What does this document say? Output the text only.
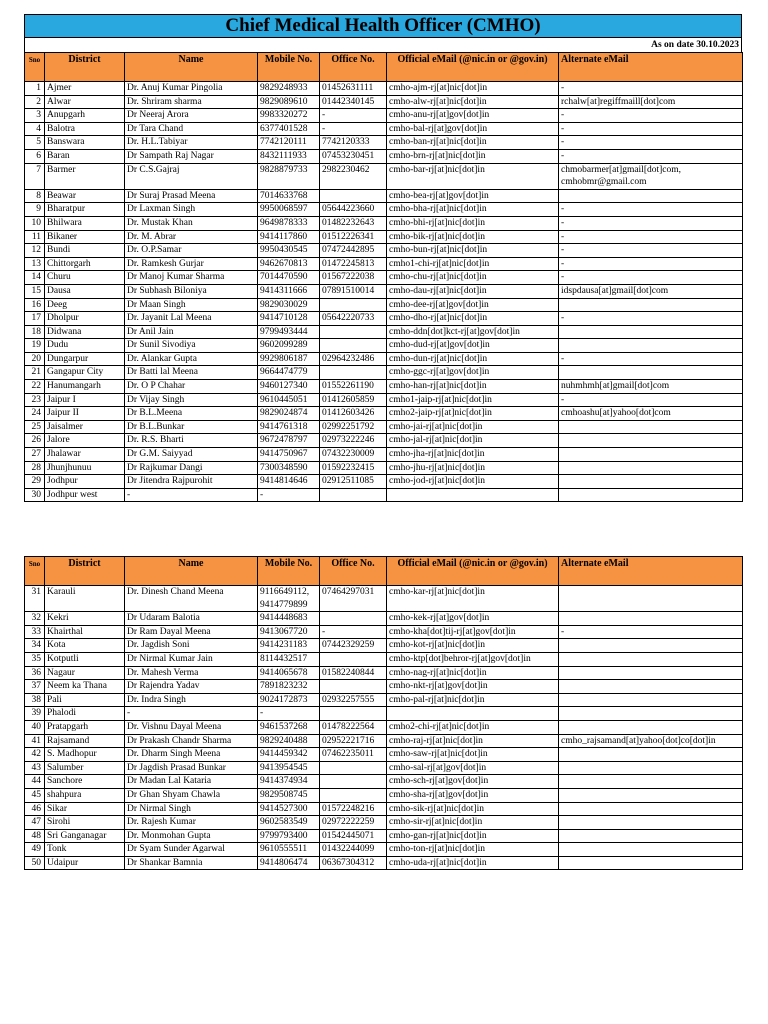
Chief Medical Health Officer (CMHO)
As on date 30.10.2023
Sno	District	Name	Mobile No.	Office No.	Official eMail (@nic.in or @gov.in)	Alternate eMail
1	Ajmer	Dr. Anuj Kumar Pingolia	9829248933	01452631111	cmho-ajm-rj[at]nic[dot]in	-
2	Alwar	Dr. Shriram sharma	9829089610	01442340145	cmho-alw-rj[at]nic[dot]in	rchalw[at]regiffmaill[dot]com
3	Anupgarh	Dr Neeraj Arora	9983320272	-	cmho-anu-rj[at]gov[dot]in	-
4	Balotra	Dr Tara Chand	6377401528	-	cmho-bal-rj[at]gov[dot]in	-
5	Banswara	Dr. H.L.Tabiyar	7742120111	7742120333	cmho-ban-rj[at]nic[dot]in	-
6	Baran	Dr Sampath Raj Nagar	8432111933	07453230451	cmho-brn-rj[at]nic[dot]in	-
7	Barmer	Dr C.S.Gajraj	9828879733	2982230462	cmho-bar-rj[at]nic[dot]in	chmobarmer[at]gmail[dot]com, cmhobmr@gmail.com
8	Beawar	Dr Suraj Prasad Meena	7014633768		cmho-bea-rj[at]gov[dot]in	
9	Bharatpur	Dr Laxman Singh	9950068597	05644223660	cmho-bha-rj[at]nic[dot]in	-
10	Bhilwara	Dr. Mustak Khan	9649878333	01482232643	cmho-bhi-rj[at]nic[dot]in	-
11	Bikaner	Dr. M. Abrar	9414117860	01512226341	cmho-bik-rj[at]nic[dot]in	-
12	Bundi	Dr. O.P.Samar	9950430545	07472442895	cmho-bun-rj[at]nic[dot]in	-
13	Chittorgarh	Dr. Ramkesh Gurjar	9462670813	01472245813	cmho1-chi-rj[at]nic[dot]in	-
14	Churu	Dr Manoj Kumar Sharma	7014470590	01567222038	cmho-chu-rj[at]nic[dot]in	-
15	Dausa	Dr Subhash Biloniya	9414311666	07891510014	cmho-dau-rj[at]nic[dot]in	idspdausa[at]gmail[dot]com
16	Deeg	Dr Maan Singh	9829030029		cmho-dee-rj[at]gov[dot]in	
17	Dholpur	Dr. Jayanit Lal Meena	9414710128	05642220733	cmho-dho-rj[at]nic[dot]in	-
18	Didwana	Dr Anil Jain	9799493444		cmho-ddn[dot]kct-rj[at]gov[dot]in	
19	Dudu	Dr Sunil Sivodiya	9602099289		cmho-dud-rj[at]gov[dot]in	
20	Dungarpur	Dr. Alankar Gupta	9929806187	02964232486	cmho-dun-rj[at]nic[dot]in	-
21	Gangapur City	Dr Batti lal Meena	9664474779		cmho-ggc-rj[at]gov[dot]in	
22	Hanumangarh	Dr. O P Chahar	9460127340	01552261190	cmho-han-rj[at]nic[dot]in	nuhmhmh[at]gmail[dot]com
23	Jaipur I	Dr Vijay Singh	9610445051	01412605859	cmho1-jaip-rj[at]nic[dot]in	-
24	Jaipur II	Dr B.L.Meena	9829024874	01412603426	cmho2-jaip-rj[at]nic[dot]in	cmhoashu[at]yahoo[dot]com
25	Jaisalmer	Dr B.L.Bunkar	9414761318	02992251792	cmho-jai-rj[at]nic[dot]in	
26	Jalore	Dr. R.S. Bharti	9672478797	02973222246	cmho-jal-rj[at]nic[dot]in	
27	Jhalawar	Dr G.M. Saiyyad	9414750967	07432230009	cmho-jha-rj[at]nic[dot]in	
28	Jhunjhunuu	Dr Rajkumar Dangi	7300348590	01592232415	cmho-jhu-rj[at]nic[dot]in	
29	Jodhpur	Dr Jitendra Rajpurohit	9414814646	02912511085	cmho-jod-rj[at]nic[dot]in	
30	Jodhpur west	-	-			
Sno	District	Name	Mobile No.	Office No.	Official eMail (@nic.in or @gov.in)	Alternate eMail
31	Karauli	Dr. Dinesh Chand Meena	9116649112, 9414779899	07464297031	cmho-kar-rj[at]nic[dot]in	
32	Kekri	Dr Udaram Balotia	9414448683		cmho-kek-rj[at]gov[dot]in	
33	Khairthal	Dr Ram Dayal Meena	9413067720	-	cmho-kha[dot]tij-rj[at]gov[dot]in	-
34	Kota	Dr. Jagdish Soni	9414231183	07442329259	cmho-kot-rj[at]nic[dot]in	
35	Kotputli	Dr Nirmal Kumar Jain	8114432517		cmho-ktp[dot]behror-rj[at]gov[dot]in	
36	Nagaur	Dr. Mahesh Verma	9414065678	01582240844	cmho-nag-rj[at]nic[dot]in	
37	Neem ka Thana	Dr Rajendra Yadav	7891823232		cmho-nkt-rj[at]gov[dot]in	
38	Pali	Dr. Indra Singh	9024172873	02932257555	cmho-pal-rj[at]nic[dot]in	
39	Phalodi	-	-			
40	Pratapgarh	Dr. Vishnu Dayal Meena	9461537268	01478222564	cmho2-chi-rj[at]nic[dot]in	
41	Rajsamand	Dr Prakash Chandr Sharma	9829240488	02952221716	cmho-raj-rj[at]nic[dot]in	cmho_rajsamand[at]yahoo[dot]co[dot]in
42	S. Madhopur	Dr. Dharm Singh Meena	9414459342	07462235011	cmho-saw-rj[at]nic[dot]in	
43	Salumber	Dr Jagdish Prasad Bunkar	9413954545		cmho-sal-rj[at]gov[dot]in	
44	Sanchore	Dr Madan Lal Kataria	9414374934		cmho-sch-rj[at]gov[dot]in	
45	shahpura	Dr Ghan Shyam Chawla	9829508745		cmho-sha-rj[at]gov[dot]in	
46	Sikar	Dr Nirmal Singh	9414527300	01572248216	cmho-sik-rj[at]nic[dot]in	
47	Sirohi	Dr. Rajesh Kumar	9602583549	02972222259	cmho-sir-rj[at]nic[dot]in	
48	Sri Ganganagar	Dr. Monmohan Gupta	9799793400	01542445071	cmho-gan-rj[at]nic[dot]in	
49	Tonk	Dr Syam Sunder Agarwal	9610555511	01432244099	cmho-ton-rj[at]nic[dot]in	
50	Udaipur	Dr Shankar Bamnia	9414806474	06367304312	cmho-uda-rj[at]nic[dot]in	
